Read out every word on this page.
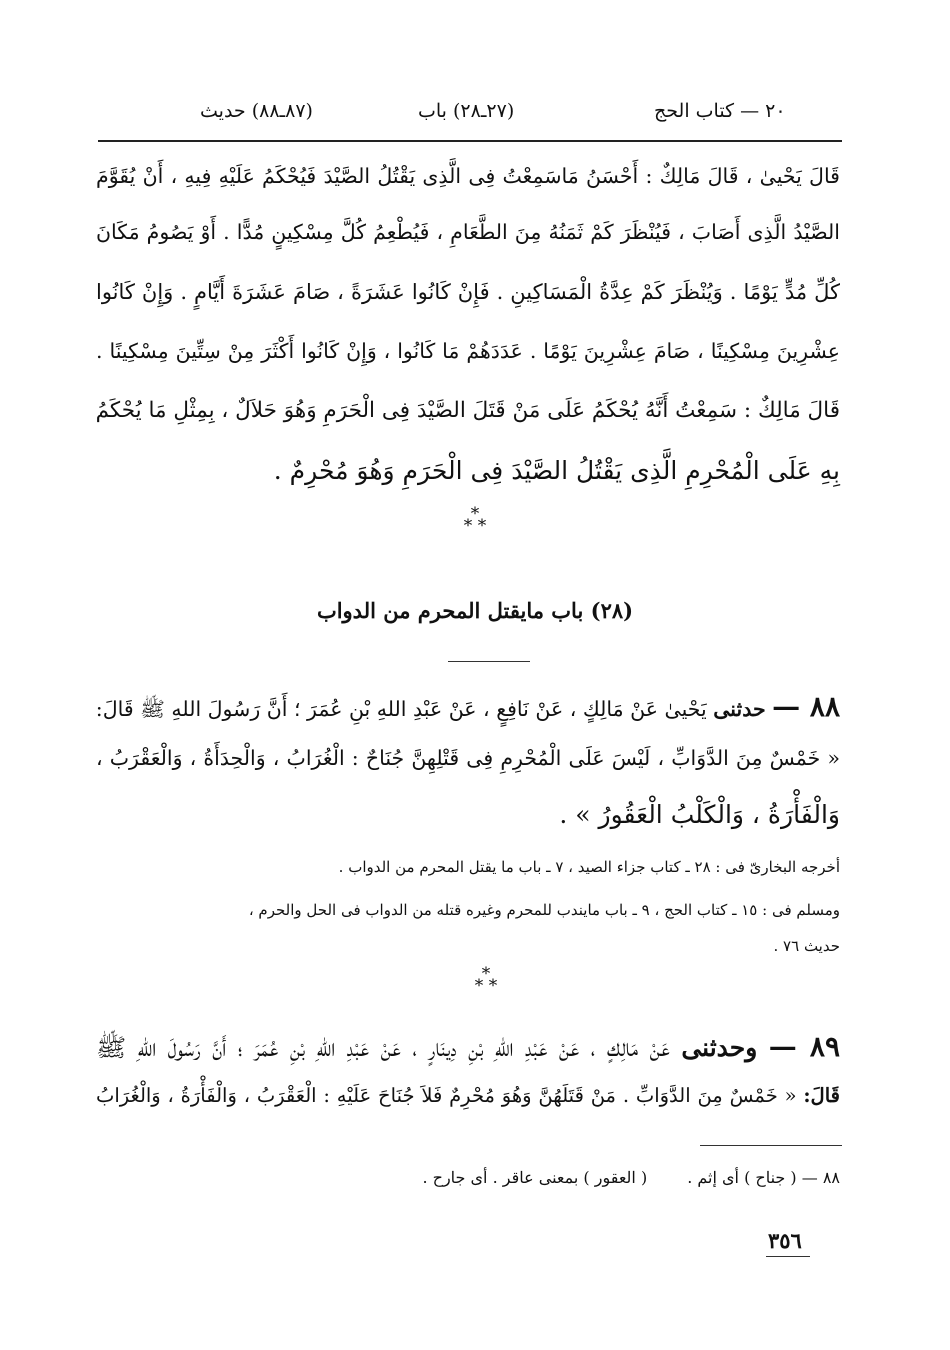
(٨٧ـ٨٨) حديث	(٢٧ـ٢٨) باب	٢٠ — كتاب الحج
قَالَ يَحْيىٰ ، قَالَ مَالِكٌ : أَحْسَنُ مَاسَمِعْتُ فِى الَّذِى يَقْتُلُ الصَّيْدَ فَيُحْكَمُ عَلَيْهِ فِيهِ ، أَنْ يُقَوَّمَ
الصَّيْدُ الَّذِى أَصَابَ ، فَيُنْظَرَ كَمْ ثَمَنُهُ مِنَ الطَّعَامِ ، فَيُطْعِمُ كُلَّ مِسْكِينٍ مُدًّا . أَوْ يَصُومُ مَكَانَ
كُلِّ مُدٍّ يَوْمًا . وَيُنْظَرَ كَمْ عِدَّةُ الْمَسَاكِينِ . فَإِنْ كَانُوا عَشَرَةً ، صَامَ عَشَرَةَ أَيَّامٍ . وَإِنْ كَانُوا
عِشْرِينَ مِسْكِينًا ، صَامَ عِشْرِينَ يَوْمًا . عَدَدَهُمْ مَا كَانُوا ، وَإِنْ كَانُوا أَكْثَرَ مِنْ سِتِّينَ مِسْكِينًا .
قَالَ مَالِكٌ : سَمِعْتُ أَنَّهُ يُحْكَمُ عَلَى مَنْ قَتَلَ الصَّيْدَ فِى الْحَرَمِ وَهُوَ حَلاَلٌ ، بِمِثْلِ مَا يُحْكَمُ
بِهِ عَلَى الْمُحْرِمِ الَّذِى يَقْتُلُ الصَّيْدَ فِى الْحَرَمِ وَهُوَ مُحْرِمٌ .
*
* *
(٢٨) باب مايقتل المحرم من الدواب
٨٨ — حدثنى يَحْيىٰ عَنْ مَالِكٍ ، عَنْ نَافِعٍ ، عَنْ عَبْدِ اللهِ بْنِ عُمَرَ ؛ أَنَّ رَسُولَ اللهِ ﷺ قَالَ:
« خَمْسٌ مِنَ الدَّوَابِّ ، لَيْسَ عَلَى الْمُحْرِمِ فِى قَتْلِهِنَّ جُنَاحٌ : الْغُرَابُ ، وَالْحِدَأَةُ ، وَالْعَقْرَبُ ،
وَالْفَأْرَةُ ، وَالْكَلْبُ الْعَقُورُ » .
أخرجه البخارىّ فى : ٢٨ ـ كتاب جزاء الصيد ، ٧ ـ باب ما يقتل المحرم من الدواب .
ومسلم فى : ١٥ ـ كتاب الحج ، ٩ ـ باب مايندب للمحرم وغيره قتله من الدواب فى الحل والحرم ،
حديث ٧٦ .
*
* *
٨٩ — وحدثنى عَنْ مَالِكٍ ، عَنْ عَبْدِ اللهِ بْنِ دِينَارٍ ، عَنْ عَبْدِ اللهِ بْنِ عُمَرَ ؛ أَنَّ رَسُولَ اللهِ ﷺ
قَالَ: « خَمْسٌ مِنَ الدَّوَابِّ . مَنْ قَتَلَهُنَّ وَهُوَ مُحْرِمٌ فَلاَ جُنَاحَ عَلَيْهِ : الْعَقْرَبُ ، وَالْفَأْرَةُ ، وَالْغُرَابُ
٨٨ — ( جناح ) أى إثم .( العقور ) بمعنى عاقر . أى جارح .
٣٥٦
